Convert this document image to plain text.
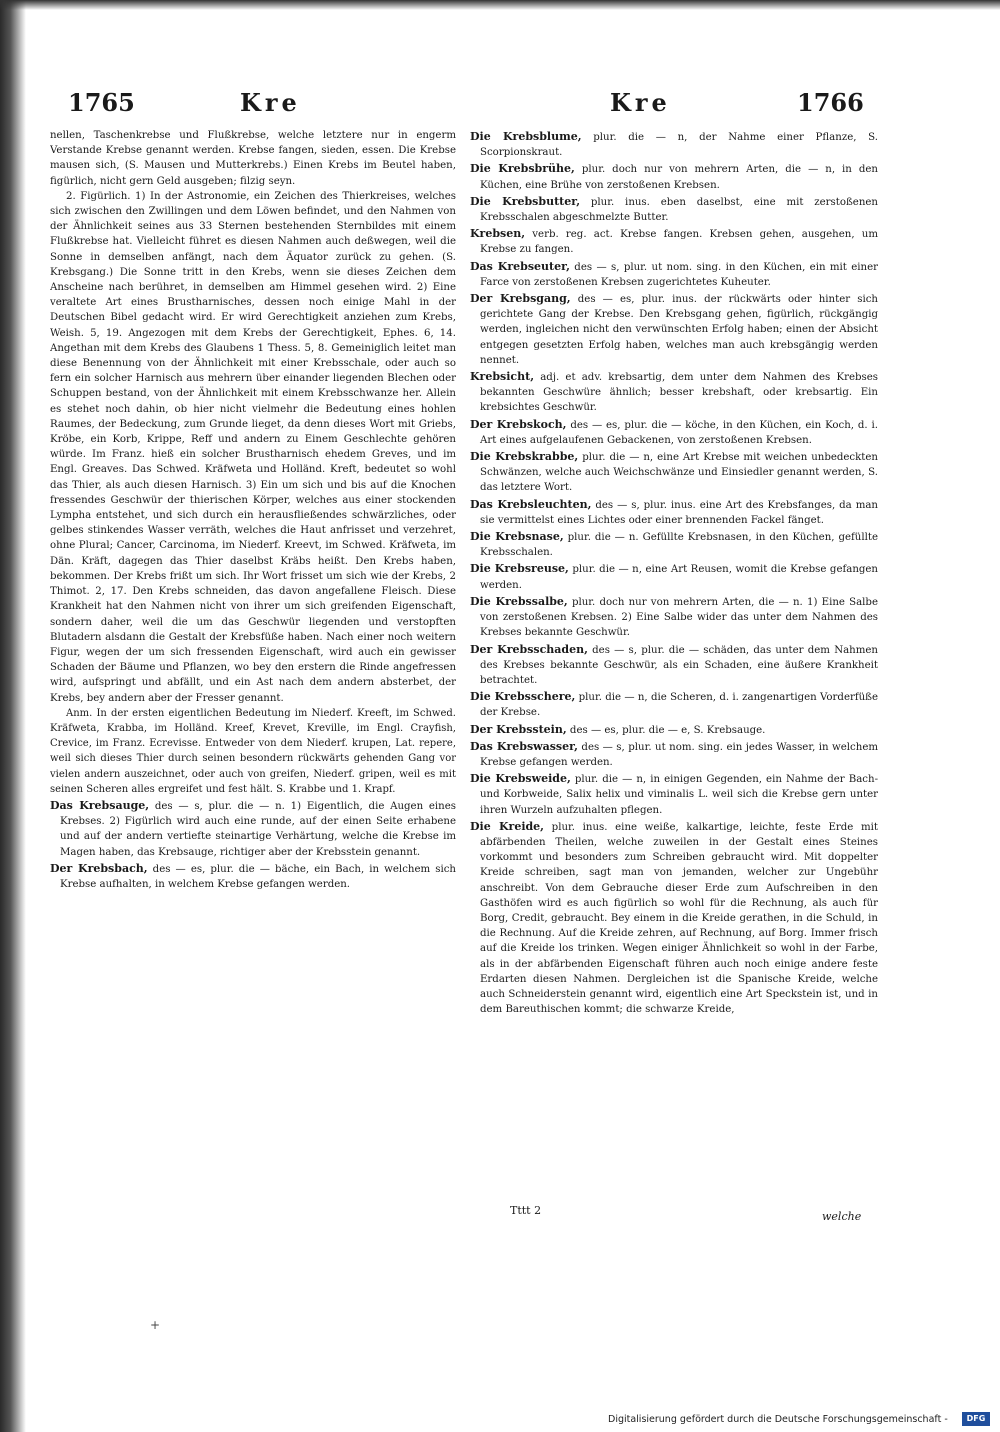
1765	Kre	Kre	1766

nellen, Taschenkrebse und Flußkrebse, welche letztere nur in engerm Verstande Krebse genannt werden. Krebse fangen, sieden, essen. Die Krebse mausen sich, (S. Mausen und Mutterkrebs.) Einen Krebs im Beutel haben, figürlich, nicht gern Geld ausgeben; filzig seyn.

2. Figürlich. 1) In der Astronomie, ein Zeichen des Thierkreises, welches sich zwischen den Zwillingen und dem Löwen befindet, und den Nahmen von der Ähnlichkeit seines aus 33 Sternen bestehenden Sternbildes mit einem Flußkrebse hat. Vielleicht führet es diesen Nahmen auch deßwegen, weil die Sonne in demselben anfängt, nach dem Äquator zurück zu gehen. (S. Krebsgang.) Die Sonne tritt in den Krebs, wenn sie dieses Zeichen dem Anscheine nach berühret, in demselben am Himmel gesehen wird. 2) Eine veraltete Art eines Brustharnisches, dessen noch einige Mahl in der Deutschen Bibel gedacht wird. Er wird Gerechtigkeit anziehen zum Krebs, Weish. 5, 19. Angezogen mit dem Krebs der Gerechtigkeit, Ephes. 6, 14. Angethan mit dem Krebs des Glaubens 1 Thess. 5, 8. Gemeiniglich leitet man diese Benennung von der Ähnlichkeit mit einer Krebsschale, oder auch so fern ein solcher Harnisch aus mehrern über einander liegenden Blechen oder Schuppen bestand, von der Ähnlichkeit mit einem Krebsschwanze her. Allein es stehet noch dahin, ob hier nicht vielmehr die Bedeutung eines hohlen Raumes, der Bedeckung, zum Grunde lieget, da denn dieses Wort mit Griebs, Kröbe, ein Korb, Krippe, Reff und andern zu Einem Geschlechte gehören würde. Im Franz. hieß ein solcher Brustharnisch ehedem Greves, und im Engl. Greaves. Das Schwed. Kräfweta und Holländ. Kreft, bedeutet so wohl das Thier, als auch diesen Harnisch. 3) Ein um sich und bis auf die Knochen fressendes Geschwür der thierischen Körper, welches aus einer stockenden Lympha entstehet, und sich durch ein herausfließendes schwärzliches, oder gelbes stinkendes Wasser verräth, welches die Haut anfrisset und verzehret, ohne Plural; Cancer, Carcinoma, im Niederf. Kreevt, im Schwed. Kräfweta, im Dän. Kräft, dagegen das Thier daselbst Kräbs heißt. Den Krebs haben, bekommen. Der Krebs frißt um sich. Ihr Wort frisset um sich wie der Krebs, 2 Thimot. 2, 17. Den Krebs schneiden, das davon angefallene Fleisch. Diese Krankheit hat den Nahmen nicht von ihrer um sich greifenden Eigenschaft, sondern daher, weil die um das Geschwür liegenden und verstopften Blutadern alsdann die Gestalt der Krebsfüße haben. Nach einer noch weitern Figur, wegen der um sich fressenden Eigenschaft, wird auch ein gewisser Schaden der Bäume und Pflanzen, wo bey den erstern die Rinde angefressen wird, aufspringt und abfällt, und ein Ast nach dem andern absterbet, der Krebs, bey andern aber der Fresser genannt.

Anm. In der ersten eigentlichen Bedeutung im Niederf. Kreeft, im Schwed. Kräfweta, Krabba, im Holländ. Kreef, Krevet, Kreville, im Engl. Crayfish, Crevice, im Franz. Ecrevisse. Entweder von dem Niederf. krupen, Lat. repere, weil sich dieses Thier durch seinen besondern rückwärts gehenden Gang vor vielen andern auszeichnet, oder auch von greifen, Niederf. gripen, weil es mit seinen Scheren alles ergreifet und fest hält. S. Krabbe und 1. Krapf.

Das Krebsauge, des — s, plur. die — n. 1) Eigentlich, die Augen eines Krebses. 2) Figürlich wird auch eine runde, auf der einen Seite erhabene und auf der andern vertiefte steinartige Verhärtung, welche die Krebse im Magen haben, das Krebsauge, richtiger aber der Krebsstein genannt.

Der Krebsbach, des — es, plur. die — bäche, ein Bach, in welchem sich Krebse aufhalten, in welchem Krebse gefangen werden.

Die Krebsblume, plur. die — n, der Nahme einer Pflanze, S. Scorpionskraut.

Die Krebsbrühe, plur. doch nur von mehrern Arten, die — n, in den Küchen, eine Brühe von zerstoßenen Krebsen.

Die Krebsbutter, plur. inus. eben daselbst, eine mit zerstoßenen Krebsschalen abgeschmelzte Butter.

Krebsen, verb. reg. act. Krebse fangen. Krebsen gehen, ausgehen, um Krebse zu fangen.

Das Krebseuter, des — s, plur. ut nom. sing. in den Küchen, ein mit einer Farce von zerstoßenen Krebsen zugerichtetes Kuheuter.

Der Krebsgang, des — es, plur. inus. der rückwärts oder hinter sich gerichtete Gang der Krebse. Den Krebsgang gehen, figürlich, rückgängig werden, ingleichen nicht den verwünschten Erfolg haben; einen der Absicht entgegen gesetzten Erfolg haben, welches man auch krebsgängig werden nennet.

Krebsicht, adj. et adv. krebsartig, dem unter dem Nahmen des Krebses bekannten Geschwüre ähnlich; besser krebshaft, oder krebsartig. Ein krebsichtes Geschwür.

Der Krebskoch, des — es, plur. die — köche, in den Küchen, ein Koch, d. i. Art eines aufgelaufenen Gebackenen, von zerstoßenen Krebsen.

Die Krebskrabbe, plur. die — n, eine Art Krebse mit weichen unbedeckten Schwänzen, welche auch Weichschwänze und Einsiedler genannt werden, S. das letztere Wort.

Das Krebsleuchten, des — s, plur. inus. eine Art des Krebsfanges, da man sie vermittelst eines Lichtes oder einer brennenden Fackel fänget.

Die Krebsnase, plur. die — n. Gefüllte Krebsnasen, in den Küchen, gefüllte Krebsschalen.

Die Krebsreuse, plur. die — n, eine Art Reusen, womit die Krebse gefangen werden.

Die Krebssalbe, plur. doch nur von mehrern Arten, die — n. 1) Eine Salbe von zerstoßenen Krebsen. 2) Eine Salbe wider das unter dem Nahmen des Krebses bekannte Geschwür.

Der Krebsschaden, des — s, plur. die — schäden, das unter dem Nahmen des Krebses bekannte Geschwür, als ein Schaden, eine äußere Krankheit betrachtet.

Die Krebsschere, plur. die — n, die Scheren, d. i. zangenartigen Vorderfüße der Krebse.

Der Krebsstein, des — es, plur. die — e, S. Krebsauge.

Das Krebswasser, des — s, plur. ut nom. sing. ein jedes Wasser, in welchem Krebse gefangen werden.

Die Krebsweide, plur. die — n, in einigen Gegenden, ein Nahme der Bach- und Korbweide, Salix helix und viminalis L. weil sich die Krebse gern unter ihren Wurzeln aufzuhalten pflegen.

Die Kreide, plur. inus. eine weiße, kalkartige, leichte, feste Erde mit abfärbenden Theilen, welche zuweilen in der Gestalt eines Steines vorkommt und besonders zum Schreiben gebraucht wird. Mit doppelter Kreide schreiben, sagt man von jemanden, welcher zur Ungebühr anschreibt. Von dem Gebrauche dieser Erde zum Aufschreiben in den Gasthöfen wird es auch figürlich so wohl für die Rechnung, als auch für Borg, Credit, gebraucht. Bey einem in die Kreide gerathen, in die Schuld, in die Rechnung. Auf die Kreide zehren, auf Rechnung, auf Borg. Immer frisch auf die Kreide los trinken. Wegen einiger Ähnlichkeit so wohl in der Farbe, als in der abfärbenden Eigenschaft führen auch noch einige andere feste Erdarten diesen Nahmen. Dergleichen ist die Spanische Kreide, welche auch Schneiderstein genannt wird, eigentlich eine Art Speckstein ist, und in dem Bareuthischen kommt; die schwarze Kreide,

Tttt 2	welche
+
Digitalisierung gefördert durch die Deutsche Forschungsgemeinschaft -	DFG
